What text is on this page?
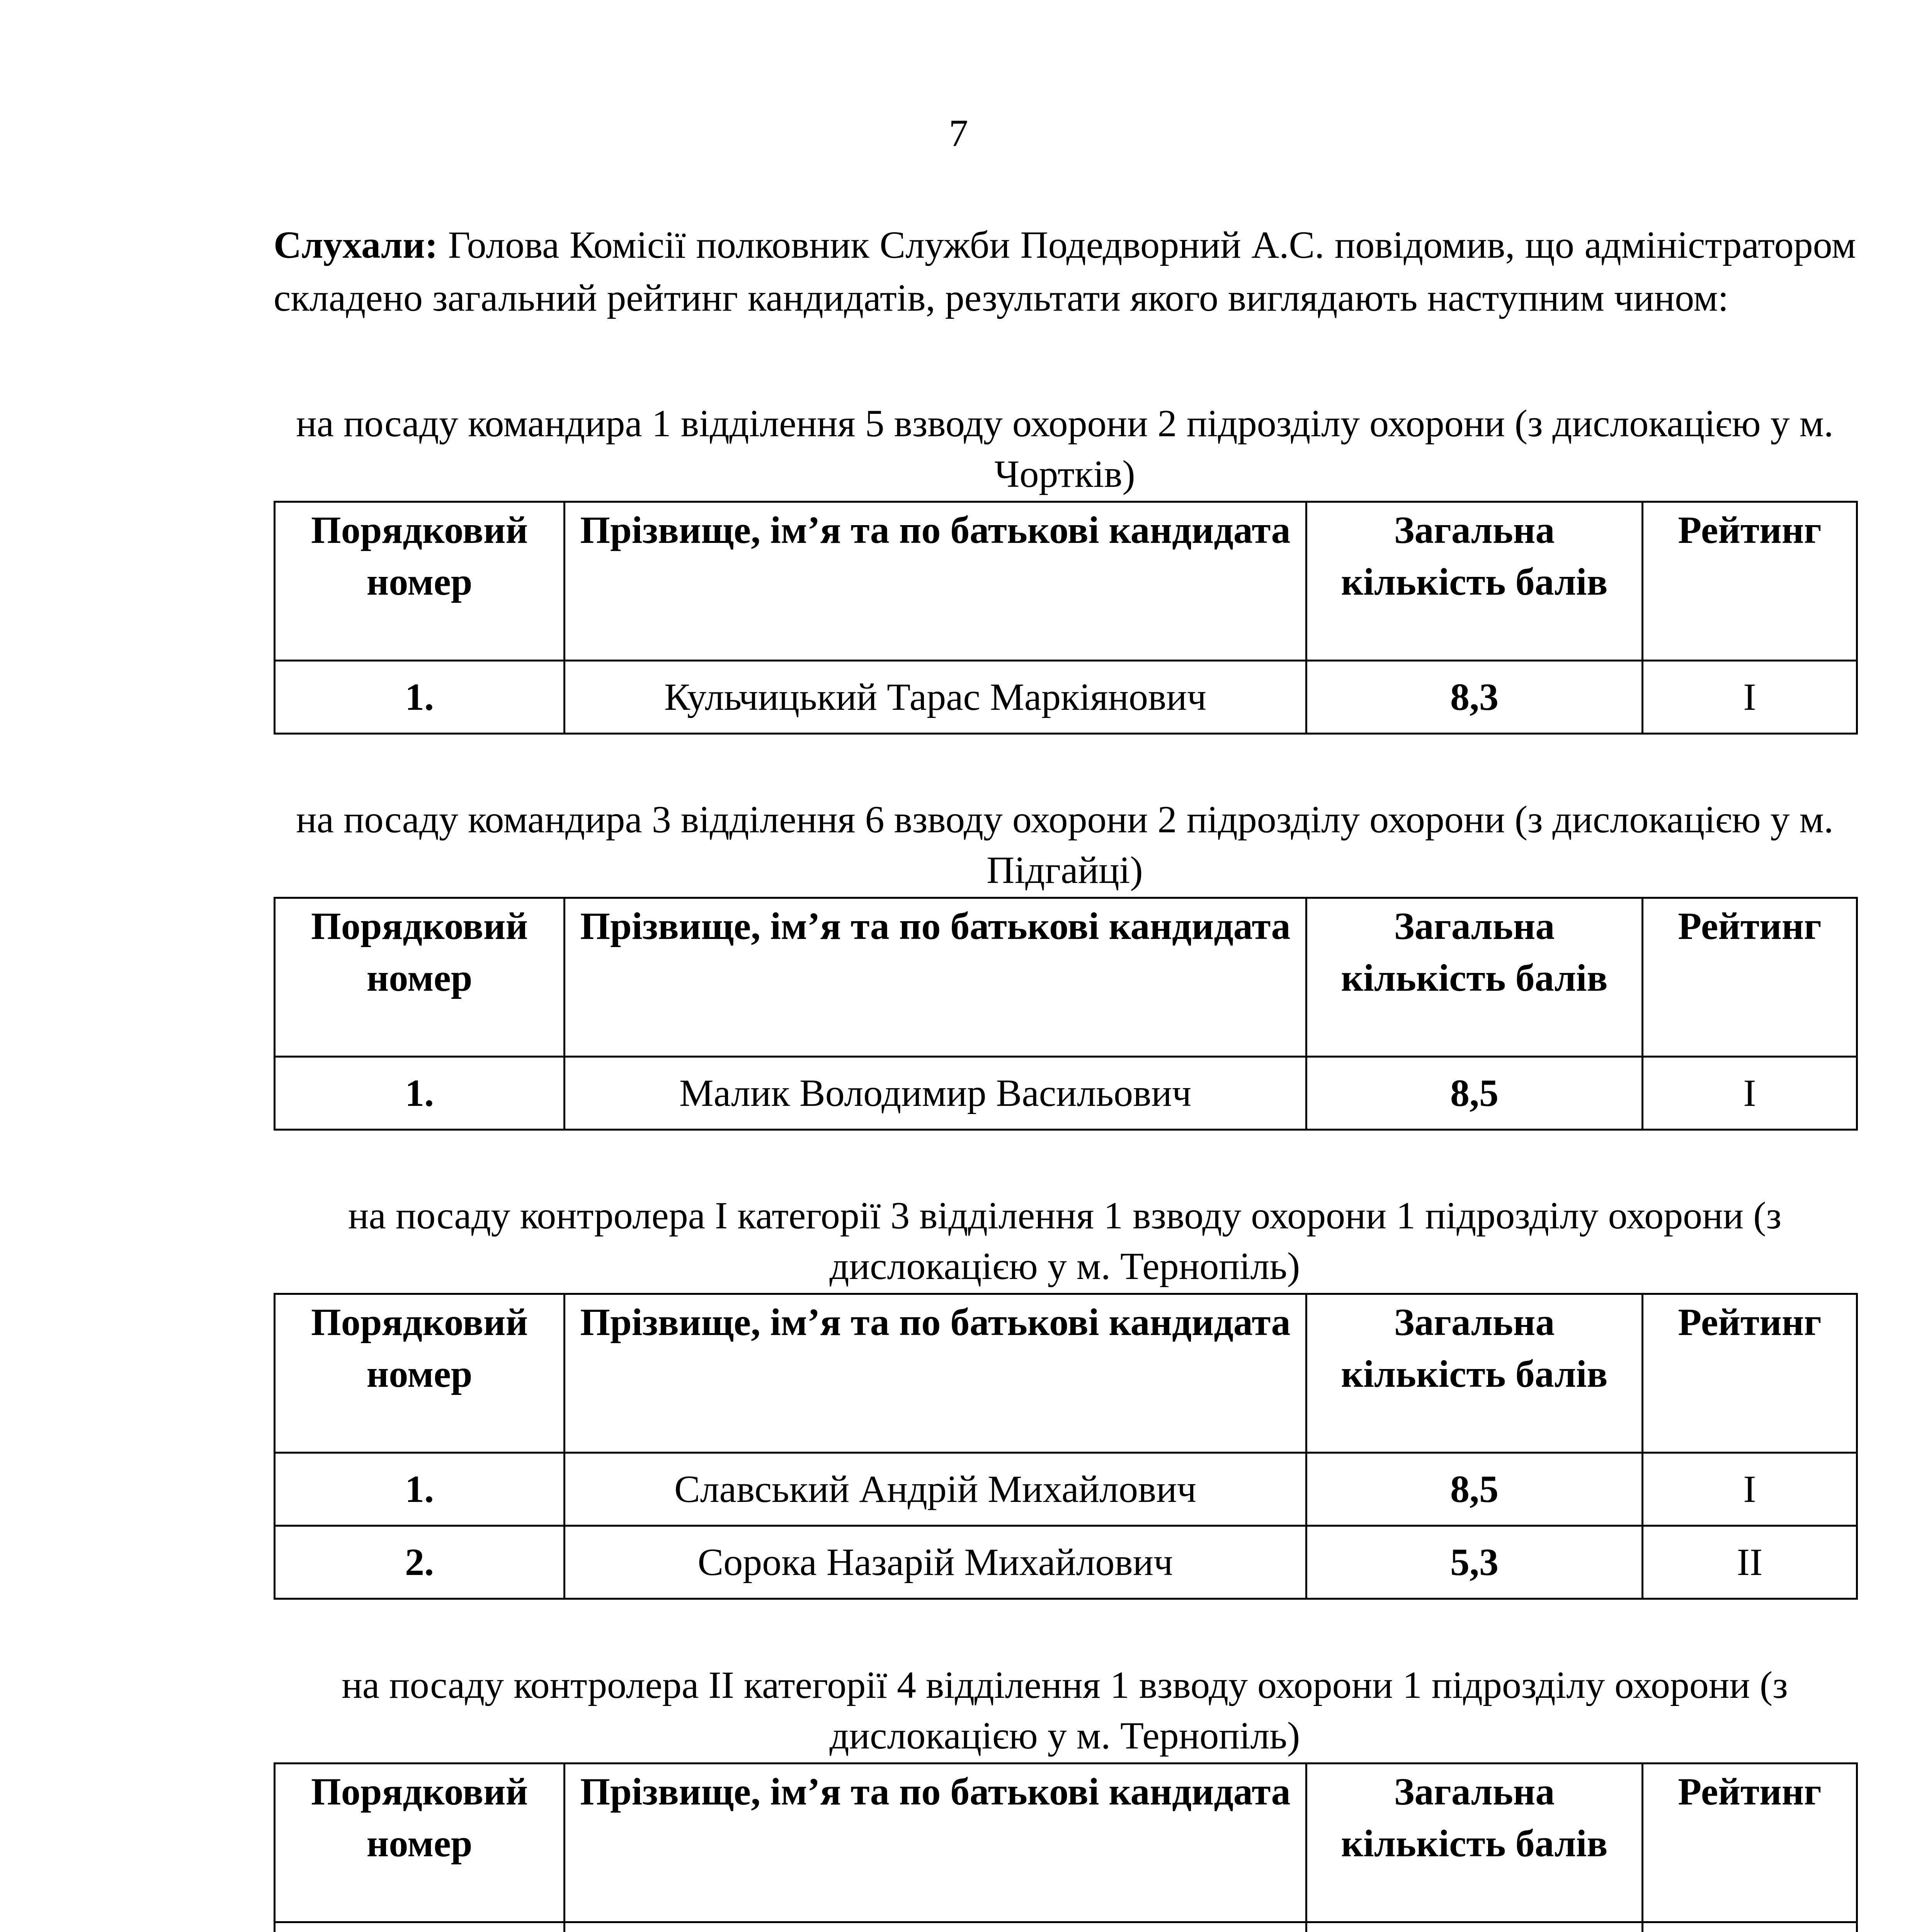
7

Слухали: Голова Комісії полковник Служби Подедворний А.С. повідомив, що адміністратором складено загальний рейтинг кандидатів, результати якого виглядають наступним чином:

на посаду командира 1 відділення 5 взводу охорони 2 підрозділу охорони (з дислокацією у м. Чортків)

Порядковий номер	Прізвище, ім’я та по батькові кандидата	Загальна кількість балів	Рейтинг
1.	Кульчицький Тарас Маркіянович	8,3	I

на посаду командира 3 відділення 6 взводу охорони 2 підрозділу охорони (з дислокацією у м. Підгайці)

Порядковий номер	Прізвище, ім’я та по батькові кандидата	Загальна кількість балів	Рейтинг
1.	Малик Володимир Васильович	8,5	I

на посаду контролера I категорії 3 відділення 1 взводу охорони 1 підрозділу охорони (з дислокацією у м. Тернопіль)

Порядковий номер	Прізвище, ім’я та по батькові кандидата	Загальна кількість балів	Рейтинг
1.	Славський Андрій Михайлович	8,5	I
2.	Сорока Назарій Михайлович	5,3	II

на посаду контролера II категорії 4 відділення 1 взводу охорони 1 підрозділу охорони (з дислокацією у м. Тернопіль)

Порядковий номер	Прізвище, ім’я та по батькові кандидата	Загальна кількість балів	Рейтинг
